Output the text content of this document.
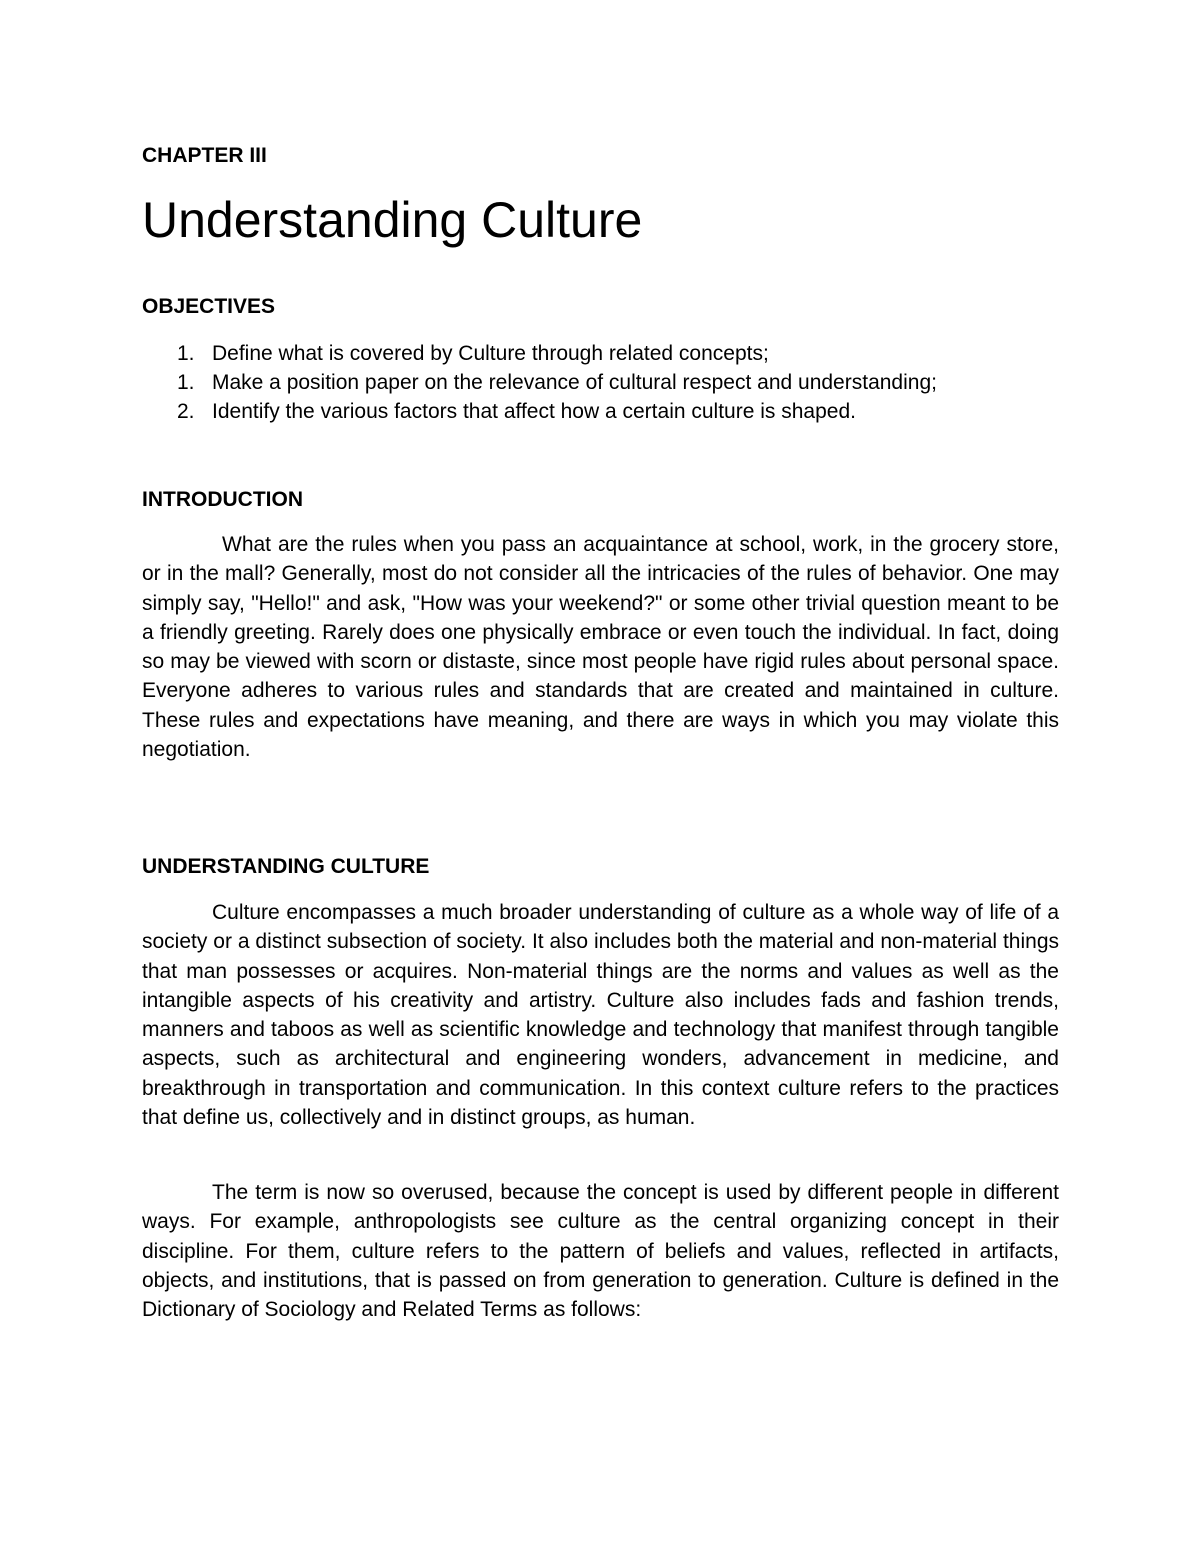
CHAPTER III
Understanding Culture
OBJECTIVES
1. Define what is covered by Culture through related concepts;
1. Make a position paper on the relevance of cultural respect and understanding;
2. Identify the various factors that affect how a certain culture is shaped.
INTRODUCTION

What are the rules when you pass an acquaintance at school, work, in the grocery store, or in the mall? Generally, most do not consider all the intricacies of the rules of behavior. One may simply say, "Hello!" and ask, "How was your weekend?" or some other trivial question meant to be a friendly greeting. Rarely does one physically embrace or even touch the individual. In fact, doing so may be viewed with scorn or distaste, since most people have rigid rules about personal space. Everyone adheres to various rules and standards that are created and maintained in culture. These rules and expectations have meaning, and there are ways in which you may violate this negotiation.

UNDERSTANDING CULTURE

Culture encompasses a much broader understanding of culture as a whole way of life of a society or a distinct subsection of society. It also includes both the material and non-material things that man possesses or acquires. Non-material things are the norms and values as well as the intangible aspects of his creativity and artistry. Culture also includes fads and fashion trends, manners and taboos as well as scientific knowledge and technology that manifest through tangible aspects, such as architectural and engineering wonders, advancement in medicine, and breakthrough in transportation and communication. In this context culture refers to the practices that define us, collectively and in distinct groups, as human.

The term is now so overused, because the concept is used by different people in different ways. For example, anthropologists see culture as the central organizing concept in their discipline. For them, culture refers to the pattern of beliefs and values, reflected in artifacts, objects, and institutions, that is passed on from generation to generation. Culture is defined in the Dictionary of Sociology and Related Terms as follows:
